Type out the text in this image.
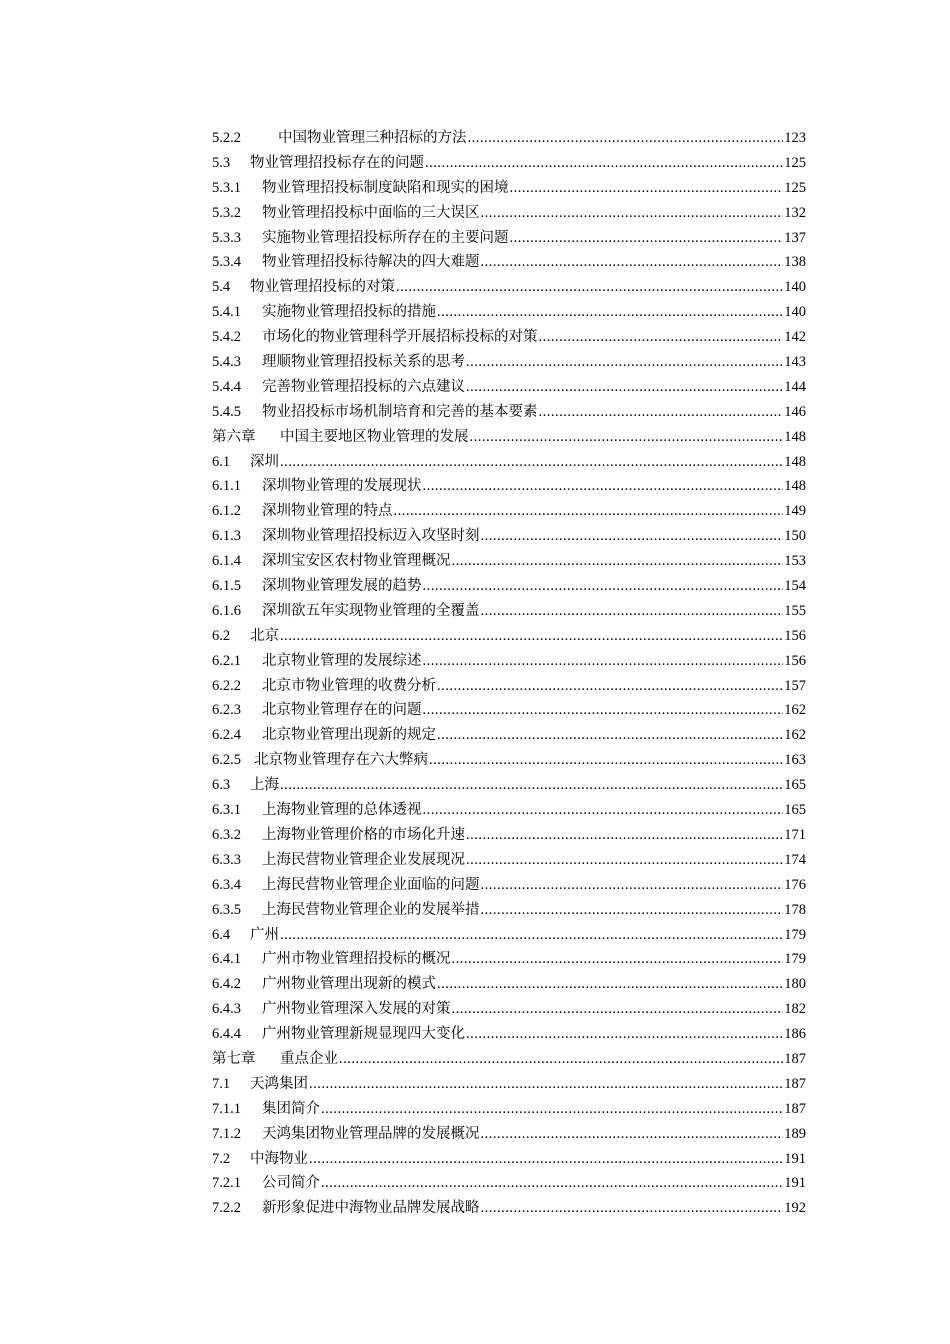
5.2.2	中国物业管理三种招标的方法 .....	123
5.3	物业管理招投标存在的问题 .....	125
5.3.1	物业管理招投标制度缺陷和现实的困境 .....	125
5.3.2	物业管理招投标中面临的三大误区 .....	132
5.3.3	实施物业管理招投标所存在的主要问题 .....	137
5.3.4	物业管理招投标待解决的四大难题 .....	138
5.4	物业管理招投标的对策 .....	140
5.4.1	实施物业管理招投标的措施 .....	140
5.4.2	市场化的物业管理科学开展招标投标的对策 .....	142
5.4.3	理顺物业管理招投标关系的思考 .....	143
5.4.4	完善物业管理招投标的六点建议 .....	144
5.4.5	物业招投标市场机制培育和完善的基本要素 .....	146
第六章	中国主要地区物业管理的发展 .....	148
6.1	深圳 .....	148
6.1.1	深圳物业管理的发展现状 .....	148
6.1.2	深圳物业管理的特点 .....	149
6.1.3	深圳物业管理招投标迈入攻坚时刻 .....	150
6.1.4	深圳宝安区农村物业管理概况 .....	153
6.1.5	深圳物业管理发展的趋势 .....	154
6.1.6	深圳欲五年实现物业管理的全覆盖 .....	155
6.2	北京 .....	156
6.2.1	北京物业管理的发展综述 .....	156
6.2.2	北京市物业管理的收费分析 .....	157
6.2.3	北京物业管理存在的问题 .....	162
6.2.4	北京物业管理出现新的规定 .....	162
6.2.5 北京物业管理存在六大弊病 .....	163
6.3	上海 .....	165
6.3.1	上海物业管理的总体透视 .....	165
6.3.2	上海物业管理价格的市场化升速 .....	171
6.3.3	上海民营物业管理企业发展现况 .....	174
6.3.4	上海民营物业管理企业面临的问题 .....	176
6.3.5	上海民营物业管理企业的发展举措 .....	178
6.4	广州 .....	179
6.4.1	广州市物业管理招投标的概况 .....	179
6.4.2	广州物业管理出现新的模式 .....	180
6.4.3	广州物业管理深入发展的对策 .....	182
6.4.4	广州物业管理新规显现四大变化 .....	186
第七章	重点企业 .....	187
7.1	天鸿集团 .....	187
7.1.1	集团简介 .....	187
7.1.2	天鸿集团物业管理品牌的发展概况 .....	189
7.2	中海物业 .....	191
7.2.1	公司简介 .....	191
7.2.2	新形象促进中海物业品牌发展战略 .....	192
